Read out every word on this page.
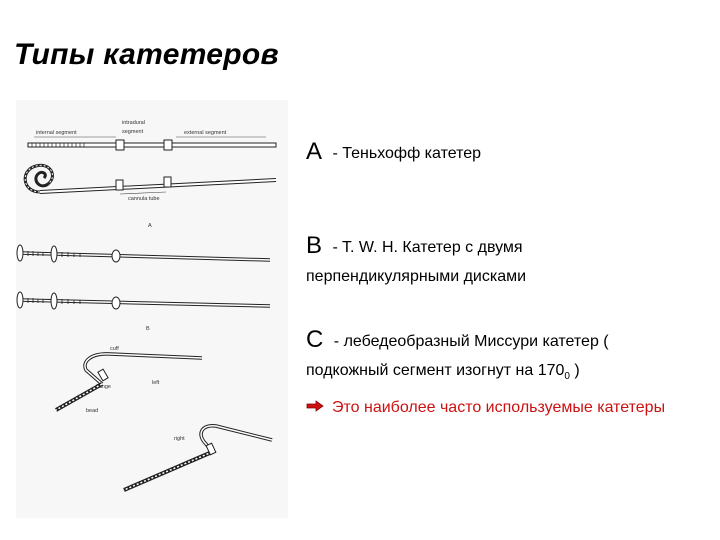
Типы катетеров
internal segment
intradural
segment	external segment
cannula tube
A
B
cuff
left
flange
bead
right
A - Теньхофф катетер
B - T. W. H. Катетер с двумя
перпендикулярными дисками
C - лебедеобразный Миссури катетер (
подкожный сегмент изогнут на $170_0$ )
Это наиболее часто используемые катетеры
